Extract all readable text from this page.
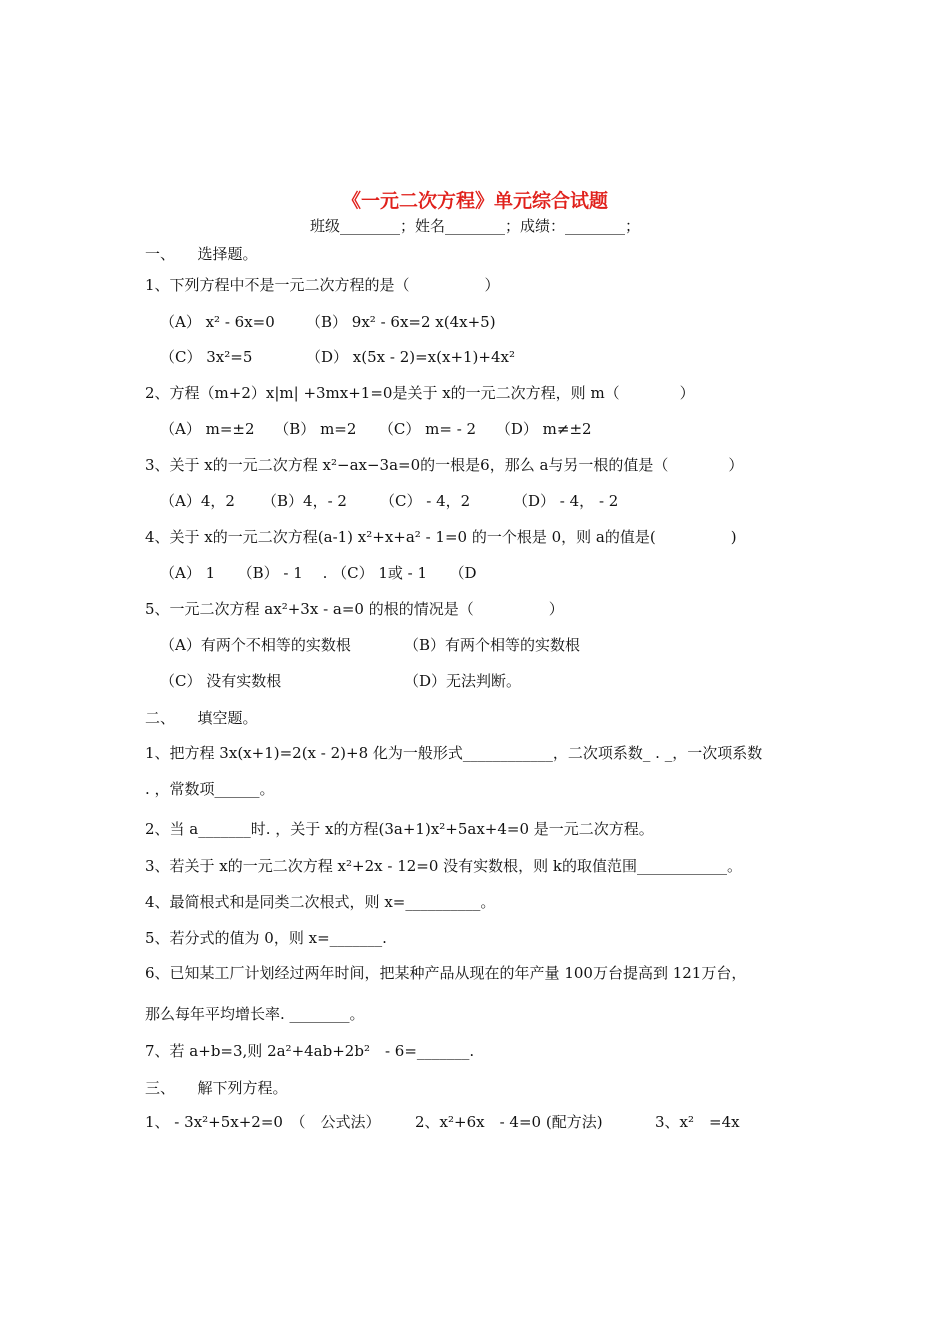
《一元二次方程》单元综合试题
班级________；姓名________；成绩：________；
一、　　选择题。
1、下列方程中不是一元二次方程的是（　　　　　）
（A） x² - 6x=0 （B） 9x² - 6x=2 x(4x+5)
（C） 3x²=5	（D） x(5x - 2)=x(x+1)+4x²
2、方程（m+2）x|m| +3mx+1=0是关于 x的一元二次方程，则 m（　　　　）
（A） m=±2　 （B） m=2　　（C） m= - 2　 （D） m≠±2
3、关于 x的一元二次方程 x²−ax−3a=0的一根是6，那么 a与另一根的值是（　　　　）
（A）4，2 （B）4，- 2 （C） - 4，2	（D） - 4， - 2
4、关于 x的一元二次方程(a-1) x²+x+a² - 1=0 的一个根是 0，则 a的值是(　　　　　)
（A） 1　　（B） - 1　 . （C） 1或 - 1　　（D
5、一元二次方程 ax²+3x - a=0 的根的情况是（　　　　　）
（A）有两个不相等的实数根	（B）有两个相等的实数根
（C） 没有实数根	（D）无法判断。
二、　　填空题。
1、把方程 3x(x+1)=2(x - 2)+8 化为一般形式____________，二次项系数_ . _，一次项系数
. ，常数项______。
2、当 a_______时. ，关于 x的方程(3a+1)x²+5ax+4=0 是一元二次方程。
3、若关于 x的一元二次方程 x²+2x - 12=0 没有实数根，则 k的取值范围____________。
4、最简根式和是同类二次根式，则 x=__________。
5、若分式的值为 0，则 x=_______.
6、已知某工厂计划经过两年时间，把某种产品从现在的年产量 100万台提高到 121万台，
那么每年平均增长率. ________。
7、若 a+b=3,则 2a²+4ab+2b²　- 6=_______.
三、　　解下列方程。
1、 - 3x²+5x+2=0　（　公式法） 2、x²+6x　- 4=0 (配方法)	3、x²　=4x
